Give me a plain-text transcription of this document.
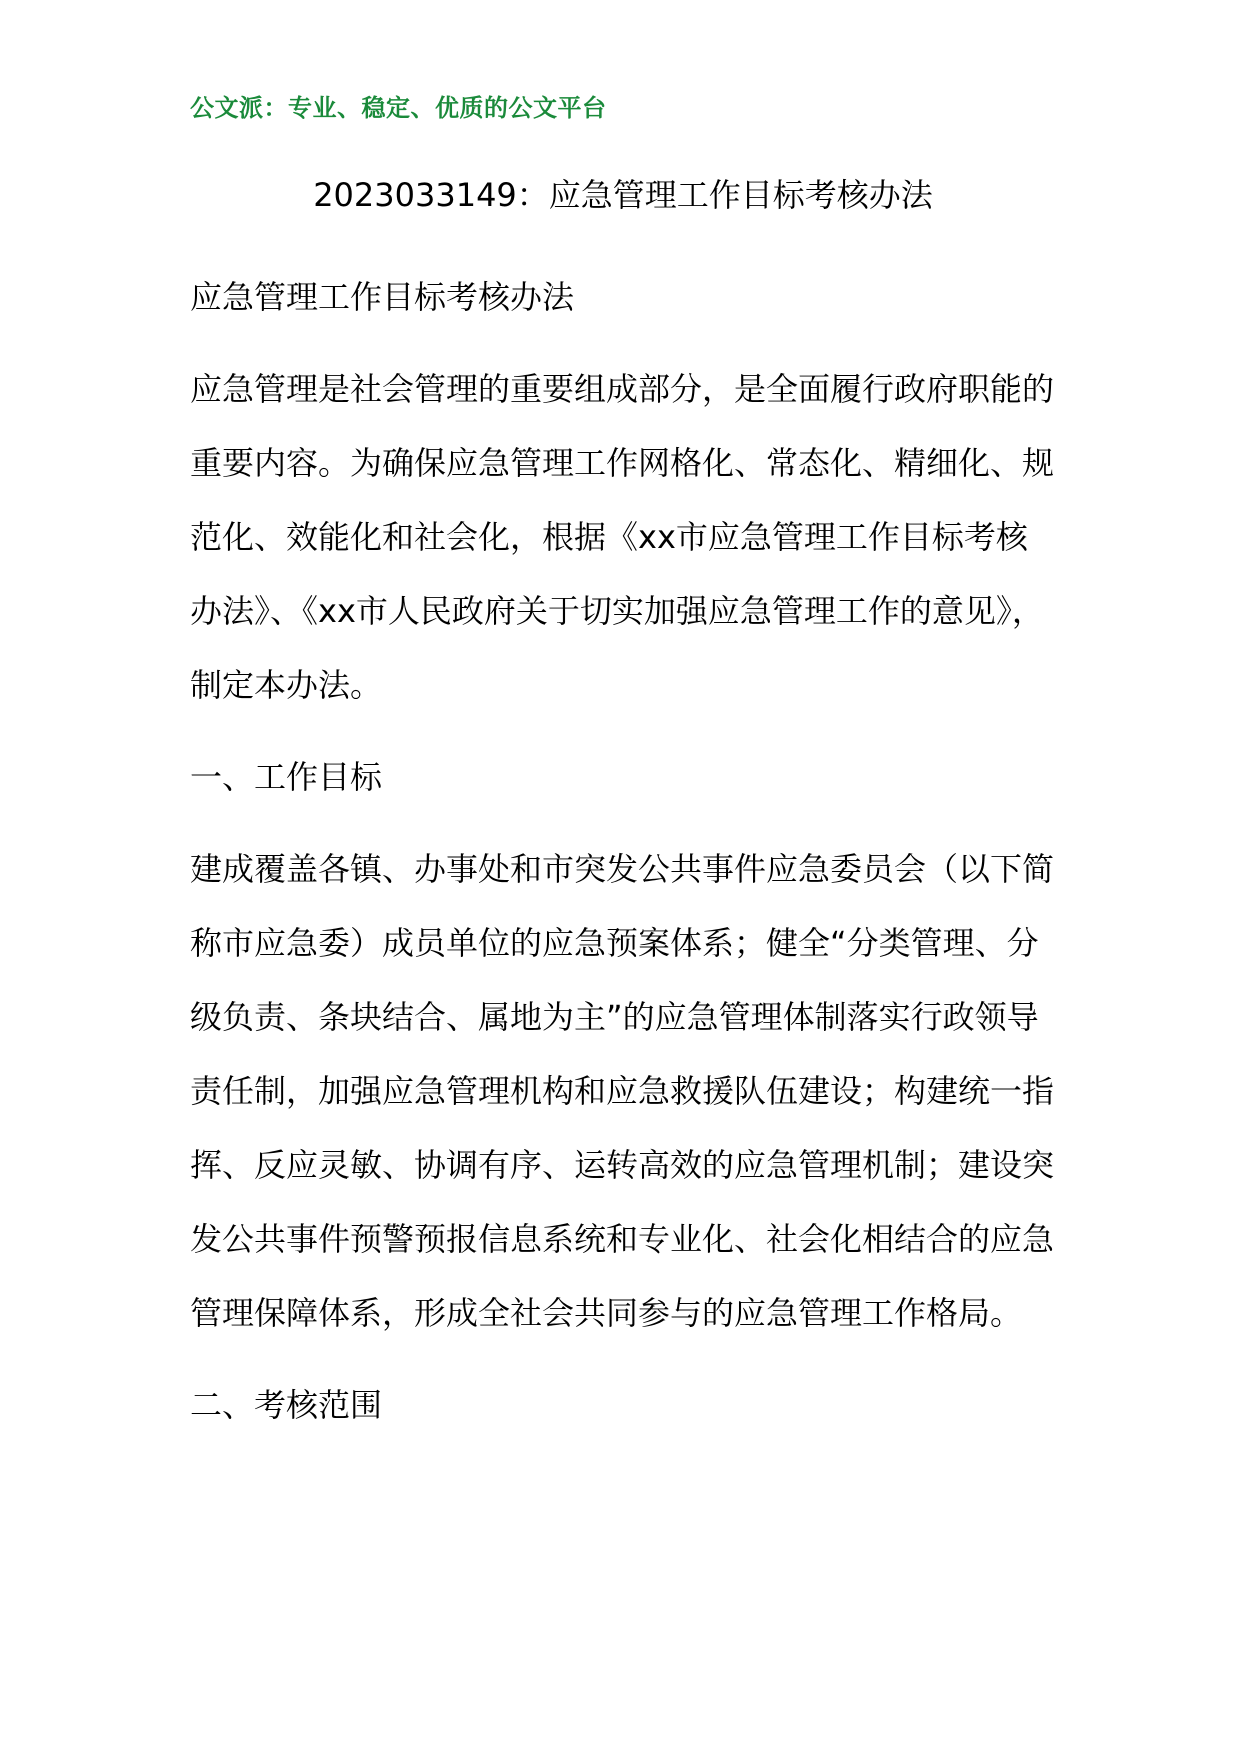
公文派：专业、稳定、优质的公文平台
2023033149：应急管理工作目标考核办法

应急管理工作目标考核办法

应急管理是社会管理的重要组成部分，是全面履行政府职能的重要内容。为确保应急管理工作网格化、常态化、精细化、规范化、效能化和社会化，根据《xx市应急管理工作目标考核办法》、《xx市人民政府关于切实加强应急管理工作的意见》，制定本办法。

一、工作目标

建成覆盖各镇、办事处和市突发公共事件应急委员会（以下简称市应急委）成员单位的应急预案体系；健全“分类管理、分级负责、条块结合、属地为主”的应急管理体制落实行政领导责任制，加强应急管理机构和应急救援队伍建设；构建统一指挥、反应灵敏、协调有序、运转高效的应急管理机制；建设突发公共事件预警预报信息系统和专业化、社会化相结合的应急管理保障体系，形成全社会共同参与的应急管理工作格局。

二、考核范围
